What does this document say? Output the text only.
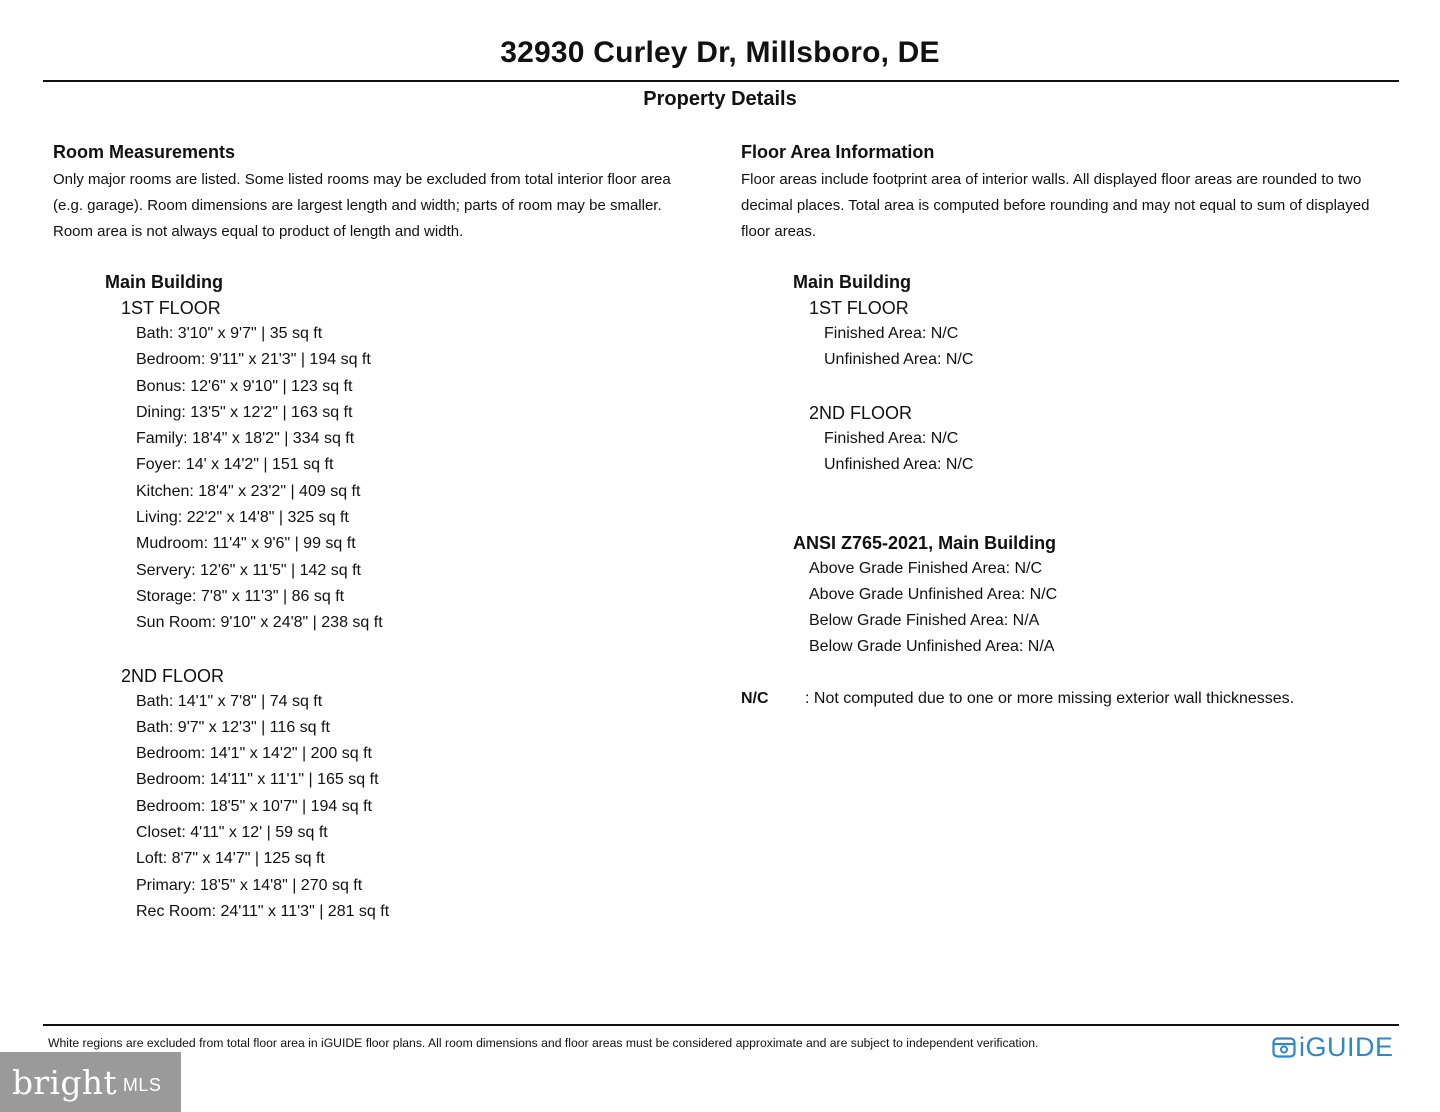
32930 Curley Dr, Millsboro, DE
Property Details
Room Measurements
Only major rooms are listed. Some listed rooms may be excluded from total interior floor area
(e.g. garage). Room dimensions are largest length and width; parts of room may be smaller.
Room area is not always equal to product of length and width.
Main Building
1ST FLOOR
Bath: 3'10" x 9'7" | 35 sq ft
Bedroom: 9'11" x 21'3" | 194 sq ft
Bonus: 12'6" x 9'10" | 123 sq ft
Dining: 13'5" x 12'2" | 163 sq ft
Family: 18'4" x 18'2" | 334 sq ft
Foyer: 14' x 14'2" | 151 sq ft
Kitchen: 18'4" x 23'2" | 409 sq ft
Living: 22'2" x 14'8" | 325 sq ft
Mudroom: 11'4" x 9'6" | 99 sq ft
Servery: 12'6" x 11'5" | 142 sq ft
Storage: 7'8" x 11'3" | 86 sq ft
Sun Room: 9'10" x 24'8" | 238 sq ft
2ND FLOOR
Bath: 14'1" x 7'8" | 74 sq ft
Bath: 9'7" x 12'3" | 116 sq ft
Bedroom: 14'1" x 14'2" | 200 sq ft
Bedroom: 14'11" x 11'1" | 165 sq ft
Bedroom: 18'5" x 10'7" | 194 sq ft
Closet: 4'11" x 12' | 59 sq ft
Loft: 8'7" x 14'7" | 125 sq ft
Primary: 18'5" x 14'8" | 270 sq ft
Rec Room: 24'11" x 11'3" | 281 sq ft
Floor Area Information
Floor areas include footprint area of interior walls. All displayed floor areas are rounded to two
decimal places. Total area is computed before rounding and may not equal to sum of displayed
floor areas.
Main Building
1ST FLOOR
Finished Area: N/C
Unfinished Area: N/C
2ND FLOOR
Finished Area: N/C
Unfinished Area: N/C
ANSI Z765-2021, Main Building
Above Grade Finished Area: N/C
Above Grade Unfinished Area: N/C
Below Grade Finished Area: N/A
Below Grade Unfinished Area: N/A
N/C : Not computed due to one or more missing exterior wall thicknesses.
White regions are excluded from total floor area in iGUIDE floor plans. All room dimensions and floor areas must be considered approximate and are subject to independent verification.	iGUIDE
bright MLS
